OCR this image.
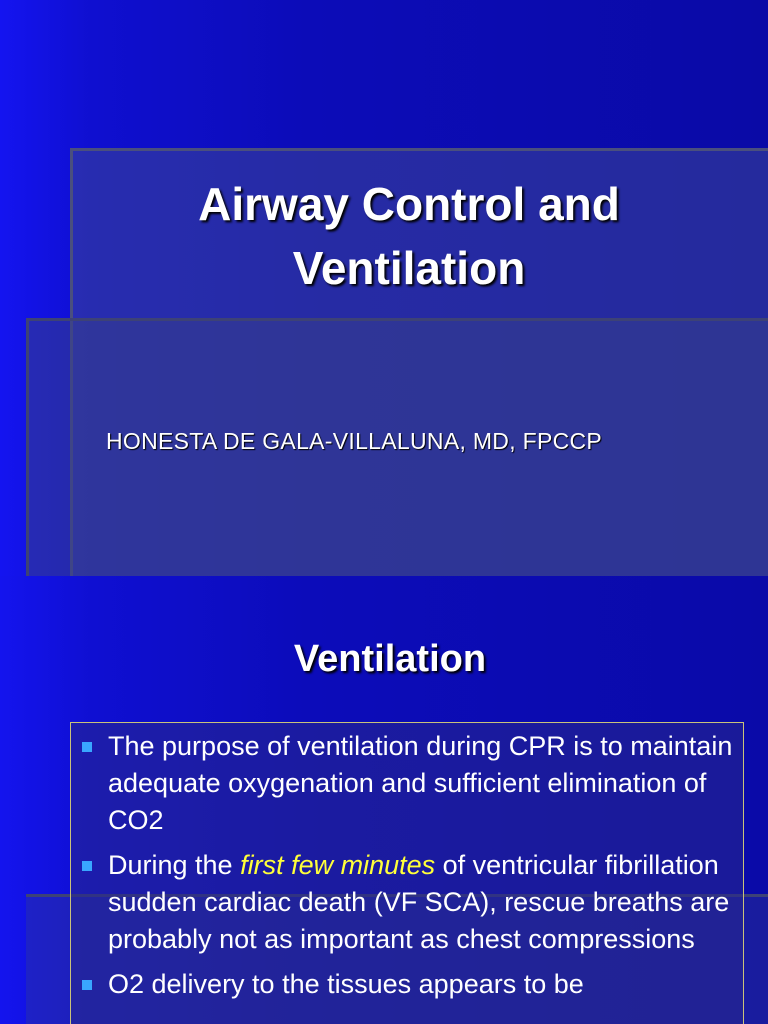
Airway Control and
Ventilation
HONESTA DE GALA-VILLALUNA, MD, FPCCP
Ventilation
The purpose of ventilation during CPR is to maintain adequate oxygenation and sufficient elimination of CO2
During the first few minutes of ventricular fibrillation sudden cardiac death (VF SCA), rescue breaths are probably not as important as chest compressions
O2 delivery to the tissues appears to be
